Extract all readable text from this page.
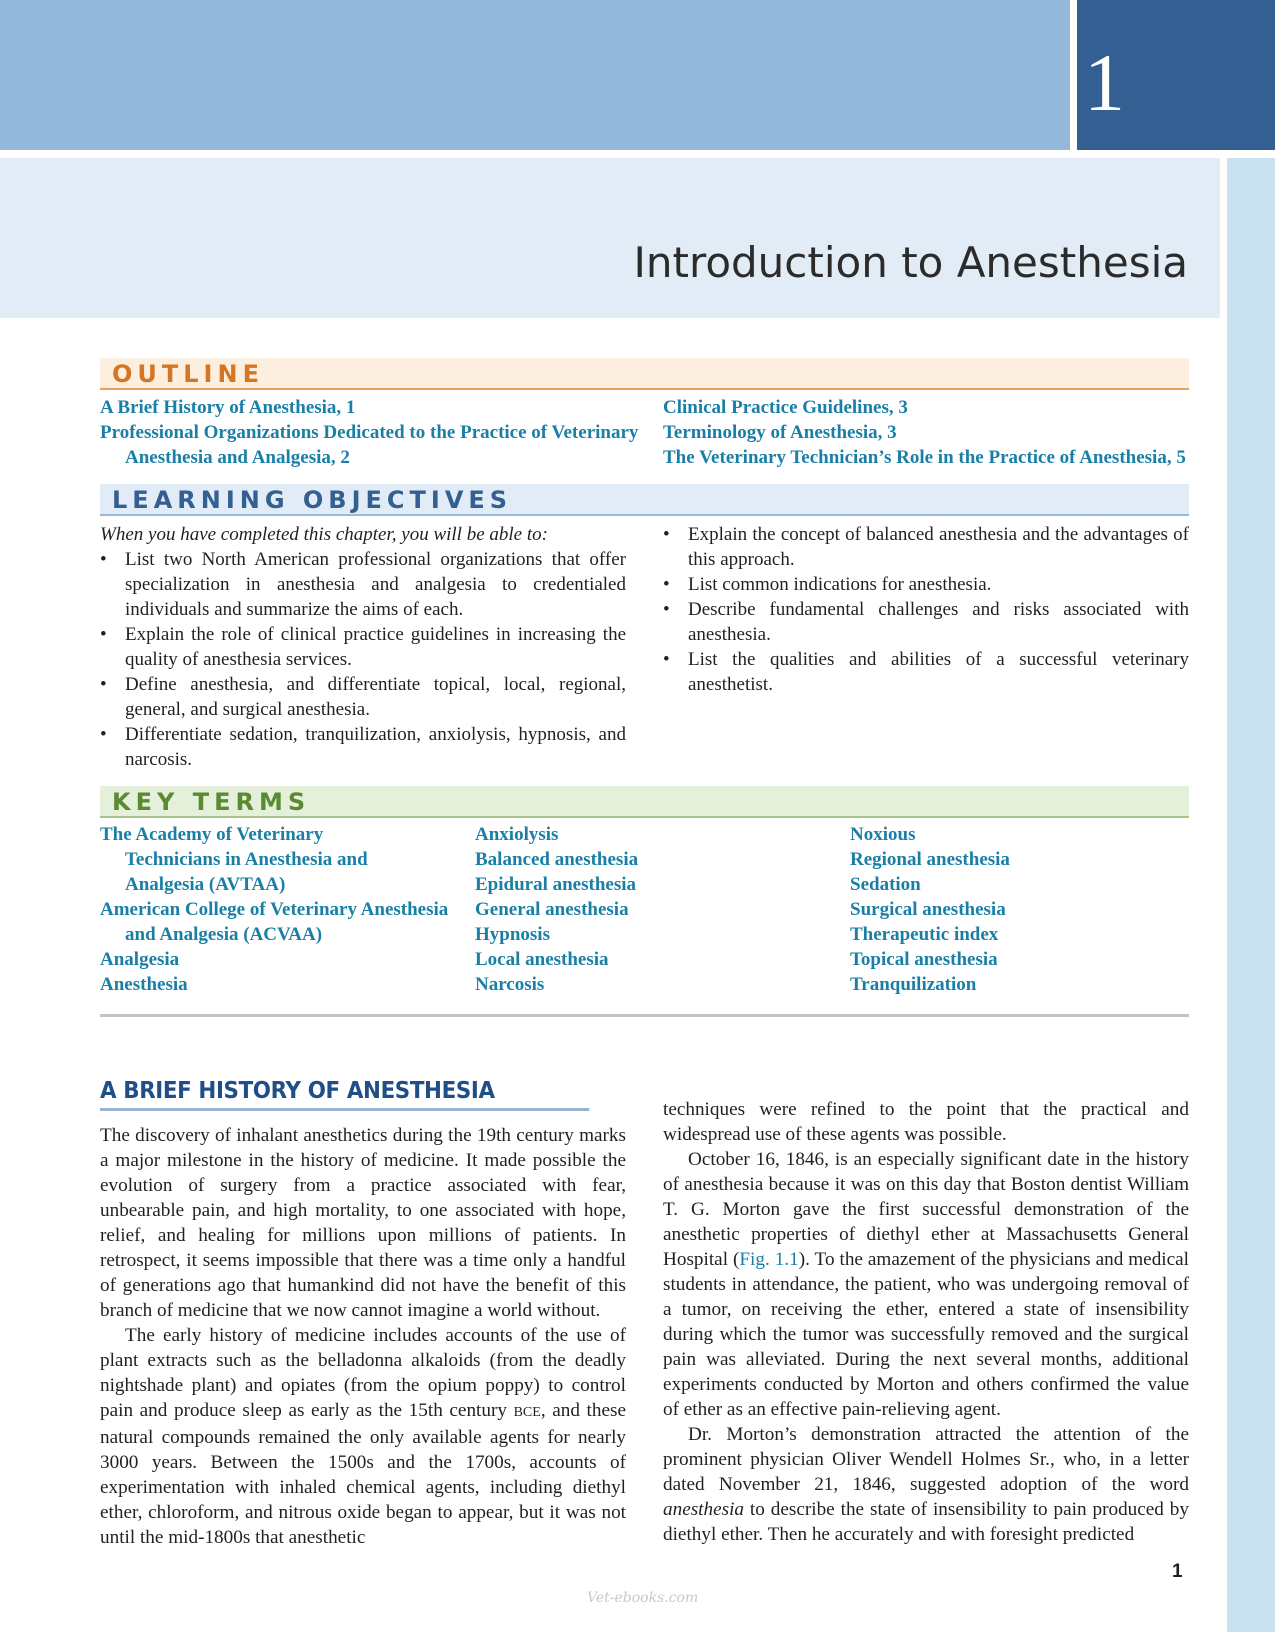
1
Introduction to Anesthesia
OUTLINE
A Brief History of Anesthesia, 1
Professional Organizations Dedicated to the Practice of Veterinary Anesthesia and Analgesia, 2
Clinical Practice Guidelines, 3
Terminology of Anesthesia, 3
The Veterinary Technician’s Role in the Practice of Anesthesia, 5
LEARNING OBJECTIVES

When you have completed this chapter, you will be able to:

• List two North American professional organizations that offer specialization in anesthesia and analgesia to credentialed individuals and summarize the aims of each.
• Explain the role of clinical practice guidelines in increasing the quality of anesthesia services.
• Define anesthesia, and differentiate topical, local, regional, general, and surgical anesthesia.
• Differentiate sedation, tranquilization, anxiolysis, hypnosis, and narcosis.
• Explain the concept of balanced anesthesia and the advantages of this approach.
• List common indications for anesthesia.
• Describe fundamental challenges and risks associated with anesthesia.
• List the qualities and abilities of a successful veterinary anesthetist.
KEY TERMS
The Academy of Veterinary Technicians in Anesthesia and Analgesia (AVTAA)
American College of Veterinary Anesthesia and Analgesia (ACVAA)
Analgesia
Anesthesia
Anxiolysis
Balanced anesthesia
Epidural anesthesia
General anesthesia
Hypnosis
Local anesthesia
Narcosis
Noxious
Regional anesthesia
Sedation
Surgical anesthesia
Therapeutic index
Topical anesthesia
Tranquilization
A BRIEF HISTORY OF ANESTHESIA

The discovery of inhalant anesthetics during the 19th century marks a major milestone in the history of medicine. It made possible the evolution of surgery from a practice associated with fear, unbearable pain, and high mortality, to one associated with hope, relief, and healing for millions upon millions of patients. In retrospect, it seems impossible that there was a time only a handful of generations ago that humankind did not have the benefit of this branch of medicine that we now cannot imagine a world without.

The early history of medicine includes accounts of the use of plant extracts such as the belladonna alkaloids (from the deadly nightshade plant) and opiates (from the opium poppy) to control pain and produce sleep as early as the 15th century BCE, and these natural compounds remained the only available agents for nearly 3000 years. Between the 1500s and the 1700s, accounts of experimentation with inhaled chemical agents, including diethyl ether, chloroform, and nitrous oxide began to appear, but it was not until the mid-1800s that anesthetic

techniques were refined to the point that the practical and widespread use of these agents was possible.

October 16, 1846, is an especially significant date in the history of anesthesia because it was on this day that Boston dentist William T. G. Morton gave the first successful demonstration of the anesthetic properties of diethyl ether at Massachusetts General Hospital (Fig. 1.1). To the amazement of the physicians and medical students in attendance, the patient, who was undergoing removal of a tumor, on receiving the ether, entered a state of insensibility during which the tumor was successfully removed and the surgical pain was alleviated. During the next several months, additional experiments conducted by Morton and others confirmed the value of ether as an effective pain-relieving agent.

Dr. Morton’s demonstration attracted the attention of the prominent physician Oliver Wendell Holmes Sr., who, in a letter dated November 21, 1846, suggested adoption of the word anesthesia to describe the state of insensibility to pain produced by diethyl ether. Then he accurately and with foresight predicted

1
Vet-ebooks.com
